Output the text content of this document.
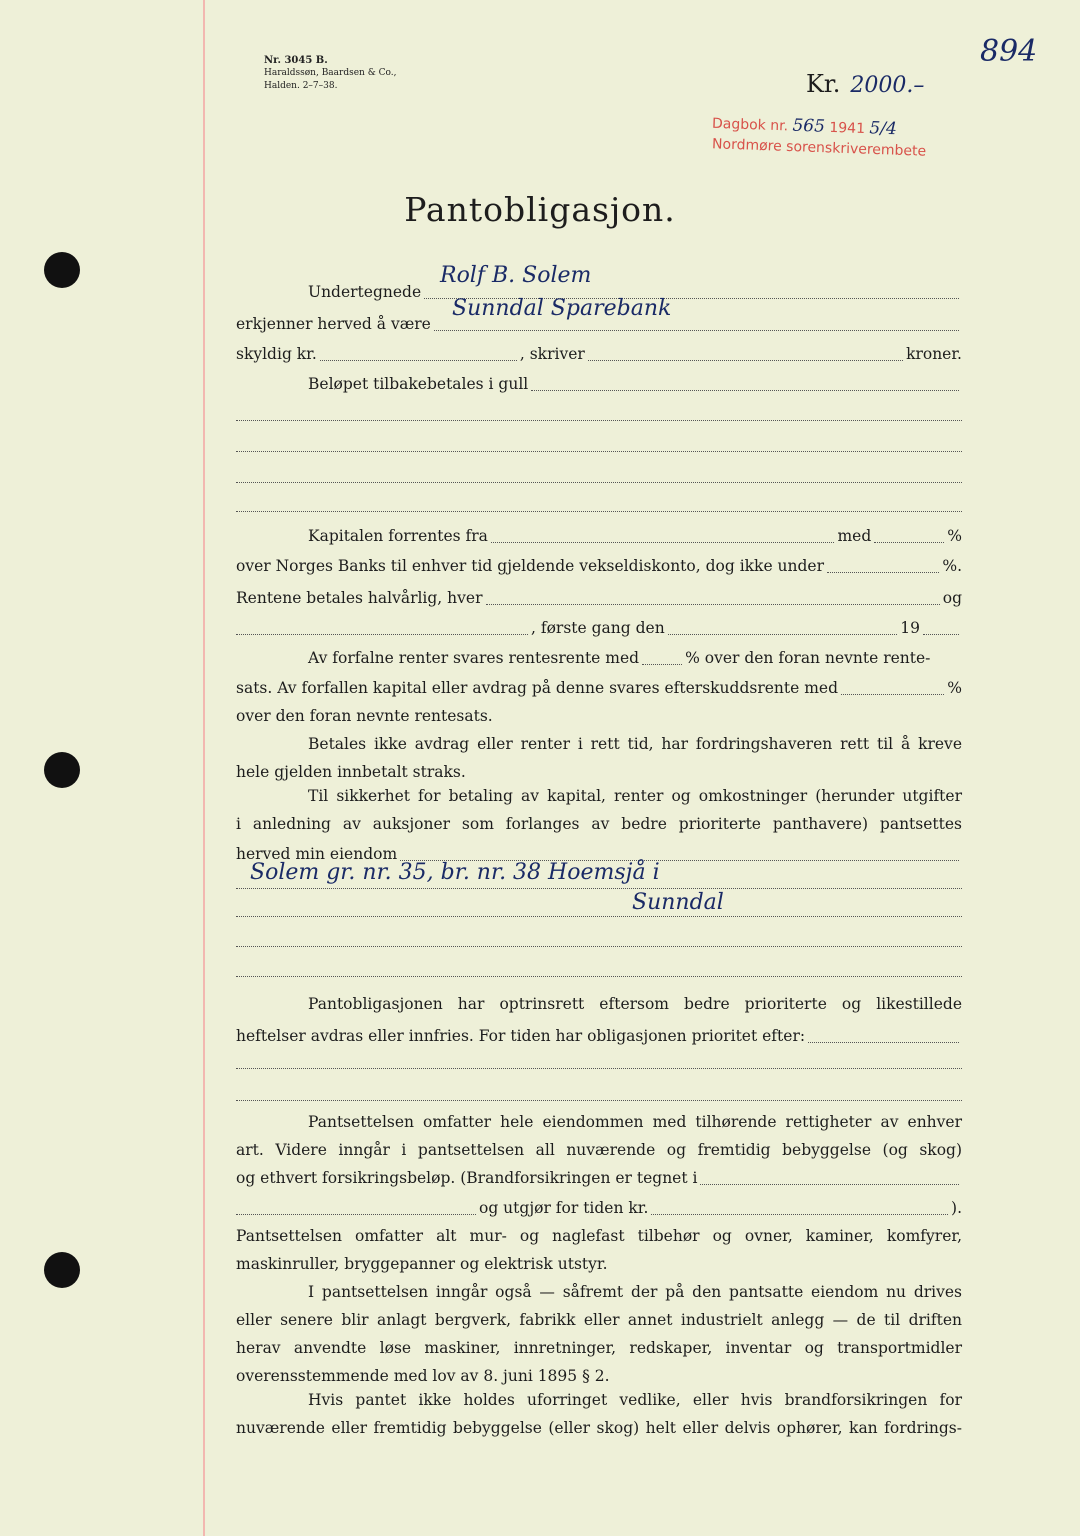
Nr. 3045 B.
Haraldssøn, Baardsen & Co.,
Halden. 2–7–38.	Kr. 2000.–
894
Dagbok nr. 565 1941 5/4
Nordmøre sorenskriverembete
Pantobligasjon.
Undertegnede
Rolf B. Solem
erkjenner herved å være
Sunndal Sparebank
skyldig kr.	, skriver	kroner.
Beløpet tilbakebetales i gull
Kapitalen forrentes fra	med	%
over Norges Banks til enhver tid gjeldende vekseldiskonto, dog ikke under	%.
Rentene betales halvårlig, hver	og
, første gang den	19
Av forfalne renter svares rentesrente med	% over den foran nevnte rente-
sats. Av forfallen kapital eller avdrag på denne svares efterskuddsrente med	%
over den foran nevnte rentesats.
Betales ikke avdrag eller renter i rett tid, har fordringshaveren rett til å kreve
hele gjelden innbetalt straks.
Til sikkerhet for betaling av kapital, renter og omkostninger (herunder utgifter
i anledning av auksjoner som forlanges av bedre prioriterte panthavere) pantsettes
herved min eiendom
Solem gr. nr. 35, br. nr. 38 Hoemsjå i
Sunndal
Pantobligasjonen har optrinsrett eftersom bedre prioriterte og likestillede
heftelser avdras eller innfries. For tiden har obligasjonen prioritet efter:
Pantsettelsen omfatter hele eiendommen med tilhørende rettigheter av enhver
art. Videre inngår i pantsettelsen all nuværende og fremtidig bebyggelse (og skog)
og ethvert forsikringsbeløp. (Brandforsikringen er tegnet i
og utgjør for tiden kr.	).
Pantsettelsen omfatter alt mur- og naglefast tilbehør og ovner, kaminer, komfyrer,
maskinruller, bryggepanner og elektrisk utstyr.
I pantsettelsen inngår også — såfremt der på den pantsatte eiendom nu drives
eller senere blir anlagt bergverk, fabrikk eller annet industrielt anlegg — de til driften
herav anvendte løse maskiner, innretninger, redskaper, inventar og transportmidler
overensstemmende med lov av 8. juni 1895 § 2.
Hvis pantet ikke holdes uforringet vedlike, eller hvis brandforsikringen for
nuværende eller fremtidig bebyggelse (eller skog) helt eller delvis ophører, kan fordrings-
